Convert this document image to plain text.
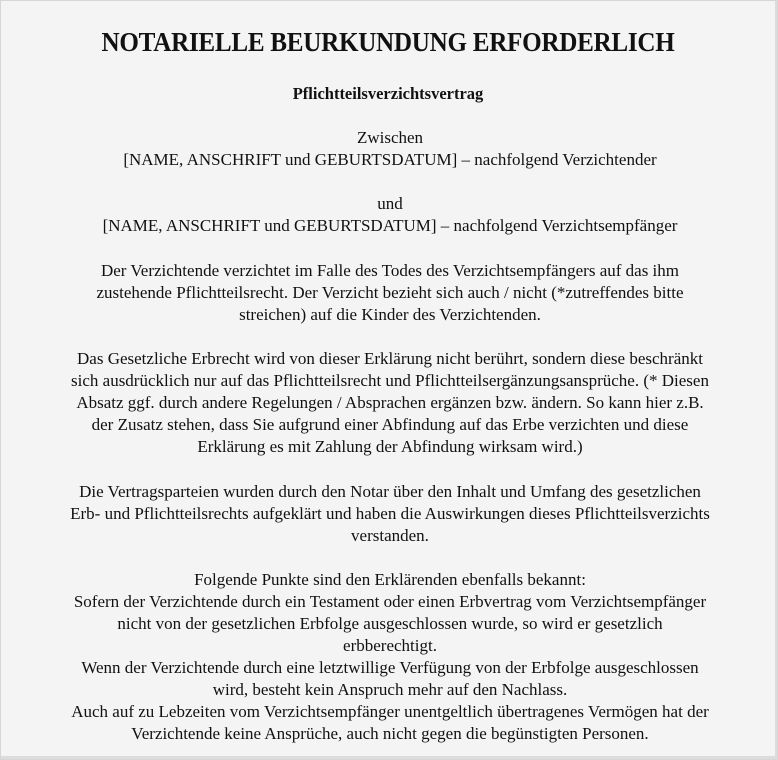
NOTARIELLE BEURKUNDUNG ERFORDERLICH
Pflichtteilsverzichtsvertrag
Zwischen
[NAME, ANSCHRIFT und GEBURTSDATUM] – nachfolgend Verzichtender
und
[NAME, ANSCHRIFT und GEBURTSDATUM] – nachfolgend Verzichtsempfänger
Der Verzichtende verzichtet im Falle des Todes des Verzichtsempfängers auf das ihm
zustehende Pflichtteilsrecht. Der Verzicht bezieht sich auch / nicht (*zutreffendes bitte
streichen) auf die Kinder des Verzichtenden.
Das Gesetzliche Erbrecht wird von dieser Erklärung nicht berührt, sondern diese beschränkt
sich ausdrücklich nur auf das Pflichtteilsrecht und Pflichtteilsergänzungsansprüche. (* Diesen
Absatz ggf. durch andere Regelungen / Absprachen ergänzen bzw. ändern. So kann hier z.B.
der Zusatz stehen, dass Sie aufgrund einer Abfindung auf das Erbe verzichten und diese
Erklärung es mit Zahlung der Abfindung wirksam wird.)
Die Vertragsparteien wurden durch den Notar über den Inhalt und Umfang des gesetzlichen
Erb- und Pflichtteilsrechts aufgeklärt und haben die Auswirkungen dieses Pflichtteilsverzichts
verstanden.
Folgende Punkte sind den Erklärenden ebenfalls bekannt:
Sofern der Verzichtende durch ein Testament oder einen Erbvertrag vom Verzichtsempfänger
nicht von der gesetzlichen Erbfolge ausgeschlossen wurde, so wird er gesetzlich
erbberechtigt.
Wenn der Verzichtende durch eine letztwillige Verfügung von der Erbfolge ausgeschlossen
wird, besteht kein Anspruch mehr auf den Nachlass.
Auch auf zu Lebzeiten vom Verzichtsempfänger unentgeltlich übertragenes Vermögen hat der
Verzichtende keine Ansprüche, auch nicht gegen die begünstigten Personen.
